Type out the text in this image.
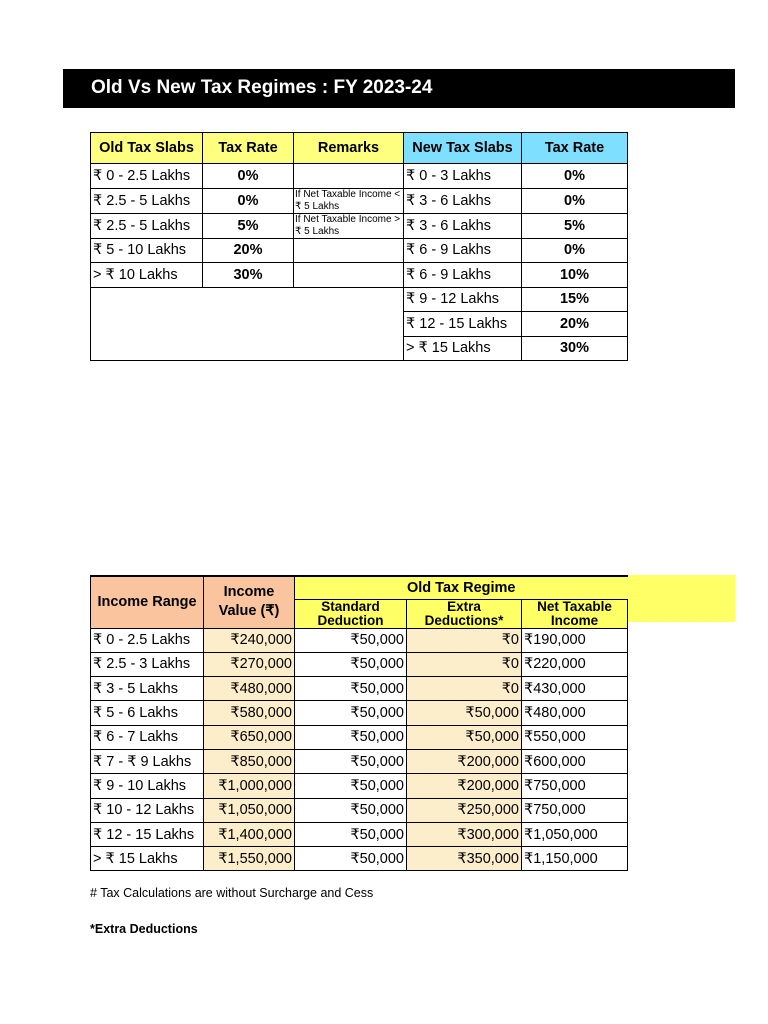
Old Vs New Tax Regimes : FY 2023-24
Old Tax Slabs	Tax Rate	Remarks	New Tax Slabs	Tax Rate
₹ 0 - 2.5 Lakhs	0%		₹ 0 - 3 Lakhs	0%
₹ 2.5 - 5 Lakhs	0%	If Net Taxable Income < ₹ 5 Lakhs	₹ 3 - 6 Lakhs	0%
₹ 2.5 - 5 Lakhs	5%	If Net Taxable Income > ₹ 5 Lakhs	₹ 3 - 6 Lakhs	5%
₹ 5 - 10 Lakhs	20%		₹ 6 - 9 Lakhs	0%
> ₹ 10 Lakhs	30%		₹ 6 - 9 Lakhs	10%
			₹ 9 - 12 Lakhs	15%
			₹ 12 - 15 Lakhs	20%
			> ₹ 15 Lakhs	30%
Income Range	Income Value (₹)	Old Tax Regime		
		Standard Deduction	Extra Deductions*	Net Taxable Income
₹ 0 - 2.5 Lakhs	₹240,000	₹50,000	₹0	₹190,000
₹ 2.5 - 3 Lakhs	₹270,000	₹50,000	₹0	₹220,000
₹ 3 - 5 Lakhs	₹480,000	₹50,000	₹0	₹430,000
₹ 5 - 6 Lakhs	₹580,000	₹50,000	₹50,000	₹480,000
₹ 6 - 7 Lakhs	₹650,000	₹50,000	₹50,000	₹550,000
₹ 7 - ₹ 9 Lakhs	₹850,000	₹50,000	₹200,000	₹600,000
₹ 9 - 10 Lakhs	₹1,000,000	₹50,000	₹200,000	₹750,000
₹ 10 - 12 Lakhs	₹1,050,000	₹50,000	₹250,000	₹750,000
₹ 12 - 15 Lakhs	₹1,400,000	₹50,000	₹300,000	₹1,050,000
> ₹ 15 Lakhs	₹1,550,000	₹50,000	₹350,000	₹1,150,000
# Tax Calculations are without Surcharge and Cess
*Extra Deductions
